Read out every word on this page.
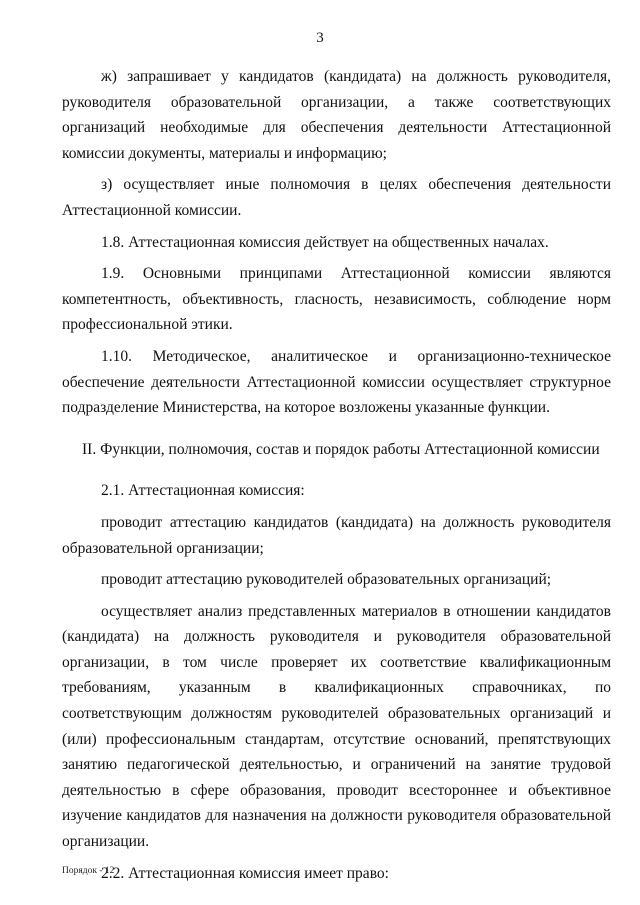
3

ж) запрашивает у кандидатов (кандидата) на должность руководителя, руководителя образовательной организации, а также соответствующих организаций необходимые для обеспечения деятельности Аттестационной комиссии документы, материалы и информацию;

з) осуществляет иные полномочия в целях обеспечения деятельности Аттестационной комиссии.

1.8. Аттестационная комиссия действует на общественных началах.

1.9. Основными принципами Аттестационной комиссии являются компетентность, объективность, гласность, независимость, соблюдение норм профессиональной этики.

1.10. Методическое, аналитическое и организационно-техническое обеспечение деятельности Аттестационной комиссии осуществляет структурное подразделение Министерства, на которое возложены указанные функции.

II. Функции, полномочия, состав и порядок работы Аттестационной комиссии

2.1. Аттестационная комиссия:

проводит аттестацию кандидатов (кандидата) на должность руководителя образовательной организации;

проводит аттестацию руководителей образовательных организаций;

осуществляет анализ представленных материалов в отношении кандидатов (кандидата) на должность руководителя и руководителя образовательной организации, в том числе проверяет их соответствие квалификационным требованиям, указанным в квалификационных справочниках, по соответствующим должностям руководителей образовательных организаций и (или) профессиональным стандартам, отсутствие оснований, препятствующих занятию педагогической деятельностью, и ограничений на занятие трудовой деятельностью в сфере образования, проводит всестороннее и объективное изучение кандидатов для назначения на должности руководителя образовательной организации.

2.2. Аттестационная комиссия имеет право:

Порядок - 12
